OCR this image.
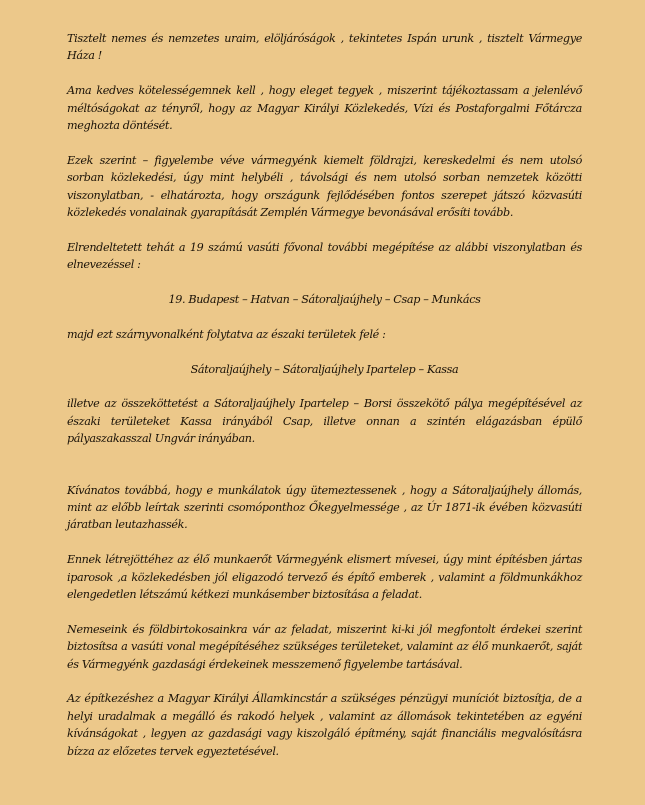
Tisztelt nemes és nemzetes uraim, elöljáróságok , tekintetes Ispán urunk , tisztelt Vármegye Háza !

Ama kedves kötelességemnek kell , hogy eleget tegyek , miszerint tájékoztassam a jelenlévő méltóságokat az tényről, hogy az Magyar Királyi Közlekedés, Vízi és Postaforgalmi Főtárcza meghozta döntését.

Ezek szerint – figyelembe véve vármegyénk kiemelt földrajzi, kereskedelmi és nem utolsó sorban közlekedési, úgy mint helybéli , távolsági és nem utolsó sorban nemzetek közötti viszonylatban, - elhatározta, hogy országunk fejlődésében fontos szerepet játszó közvasúti közlekedés vonalainak gyarapítását Zemplén Vármegye bevonásával erősíti tovább.

Elrendeltetett tehát a 19 számú vasúti fővonal további megépítése az alábbi viszonylatban és elnevezéssel :

19. Budapest – Hatvan – Sátoraljaújhely – Csap – Munkács

majd ezt szárnyvonalként folytatva az északi területek felé :

Sátoraljaújhely – Sátoraljaújhely Ipartelep – Kassa

illetve az összeköttetést a Sátoraljaújhely Ipartelep – Borsi összekötő pálya megépítésével az északi területeket Kassa irányából Csap, illetve onnan a szintén elágazásban épülő pályaszakasszal Ungvár irányában.

Kívánatos továbbá, hogy e munkálatok úgy ütemeztessenek , hogy a Sátoraljaújhely állomás, mint az előbb leírtak szerinti csomóponthoz Őkegyelmessége , az Úr 1871-ik évében közvasúti járatban leutazhassék.

Ennek létrejöttéhez az élő munkaerőt Vármegyénk elismert mívesei, úgy mint építésben jártas iparosok ,a közlekedésben jól eligazodó tervező és építő emberek , valamint a földmunkákhoz elengedetlen létszámú kétkezi munkásember biztosítása a feladat.

Nemeseink és földbirtokosainkra vár az feladat, miszerint ki-ki jól megfontolt érdekei szerint biztosítsa a vasúti vonal megépítéséhez szükséges területeket, valamint az élő munkaerőt, saját és Vármegyénk gazdasági érdekeinek messzemenő figyelembe tartásával.

Az építkezéshez a Magyar Királyi Államkincstár a szükséges pénzügyi muníciót biztosítja, de a helyi uradalmak a megálló és rakodó helyek , valamint az állomások tekintetében az egyéni kívánságokat , legyen az gazdasági vagy kiszolgáló építmény, saját financiális megvalósításra bízza az előzetes tervek egyeztetésével.
